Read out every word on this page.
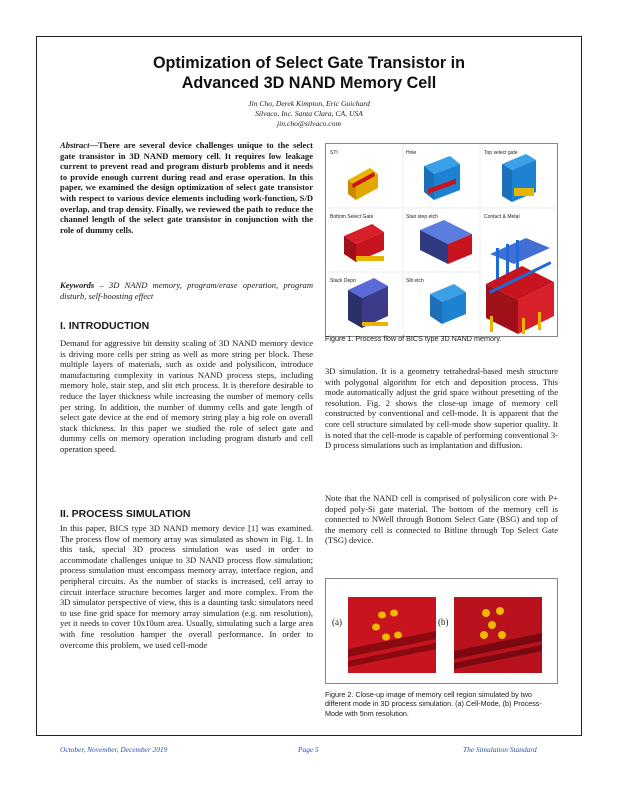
Optimization of Select Gate Transistor in
Advanced 3D NAND Memory Cell
Jin Cho, Derek Kimpton, Eric Guichard
Silvaco, Inc. Santa Clara, CA, USA
jin.cho@silvaco.com
Abstract—There are several device challenges unique to the select gate transistor in 3D NAND memory cell. It requires low leakage current to prevent read and program disturb problems and it needs to provide enough current during read and erase operation. In this paper, we examined the design optimization of select gate transistor with respect to various device elements including work-function, S/D overlap, and trap density. Finally, we reviewed the path to reduce the channel length of the select gate transistor in conjunction with the role of dummy cells.
Keywords – 3D NAND memory, program/erase operation, program disturb, self-boosting effect
I. INTRODUCTION

Demand for aggressive bit density scaling of 3D NAND memory device is driving more cells per string as well as more string per block. These multiple layers of materials, such as oxide and polysilicon, introduce manufacturing complexity in various NAND process steps, including memory hole, stair step, and slit etch process. It is therefore desirable to reduce the layer thickness while increasing the number of memory cells per string. In addition, the number of dummy cells and gate length of select gate device at the end of memory string play a big role on overall stack thickness. In this paper we studied the role of select gate and dummy cells on memory operation including program disturb and cell operation speed.

II. PROCESS SIMULATION

In this paper, BICS type 3D NAND memory device [1] was examined. The process flow of memory array was simulated as shown in Fig. 1. In this task, special 3D process simulation was used in order to accommodate challenges unique to 3D NAND process flow simulation; process simulation must encompass memory array, interface region, and peripheral circuits. As the number of stacks is increased, cell array to circuit interface structure becomes larger and more complex. From the 3D simulator perspective of view, this is a daunting task: simulators need to use fine grid space for memory array simulation (e.g. nm resolution), yet it needs to cover 10x10um area. Usually, simulating such a large area with fine resolution hamper the overall performance. In order to overcome this problem, we used cell-mode

STI	Hole	Top select gate
Bottom Select Gate	Stair step etch	Contact & Metal
Stack Depo	Slit etch
Figure 1. Process flow of BICS type 3D NAND memory.

3D simulation. It is a geometry tetrahedral-based mesh structure with polygonal algorithm for etch and deposition process. This mode automatically adjust the grid space without presetting of the resolution. Fig. 2 shows the close-up image of memory cell constructed by conventional and cell-mode. It is apparent that the core cell structure simulated by cell-mode show superior quality. It is noted that the cell-mode is capable of performing conventional 3-D process simulations such as implantation and diffusion.

Note that the NAND cell is comprised of polysilicon core with P+ doped poly-Si gate material. The bottom of the memory cell is connected to NWell through Bottom Select Gate (BSG) and top of the memory cell is connected to Bitline through Top Select Gate (TSG) device.

(a)	(b)
Figure 2. Close-up image of memory cell region simulated by two different mode in 3D process simulation. (a) Cell-Mode, (b) Process-Mode with 5nm resolution.
October, November, December 2019	Page 5	The Simulation Standard
